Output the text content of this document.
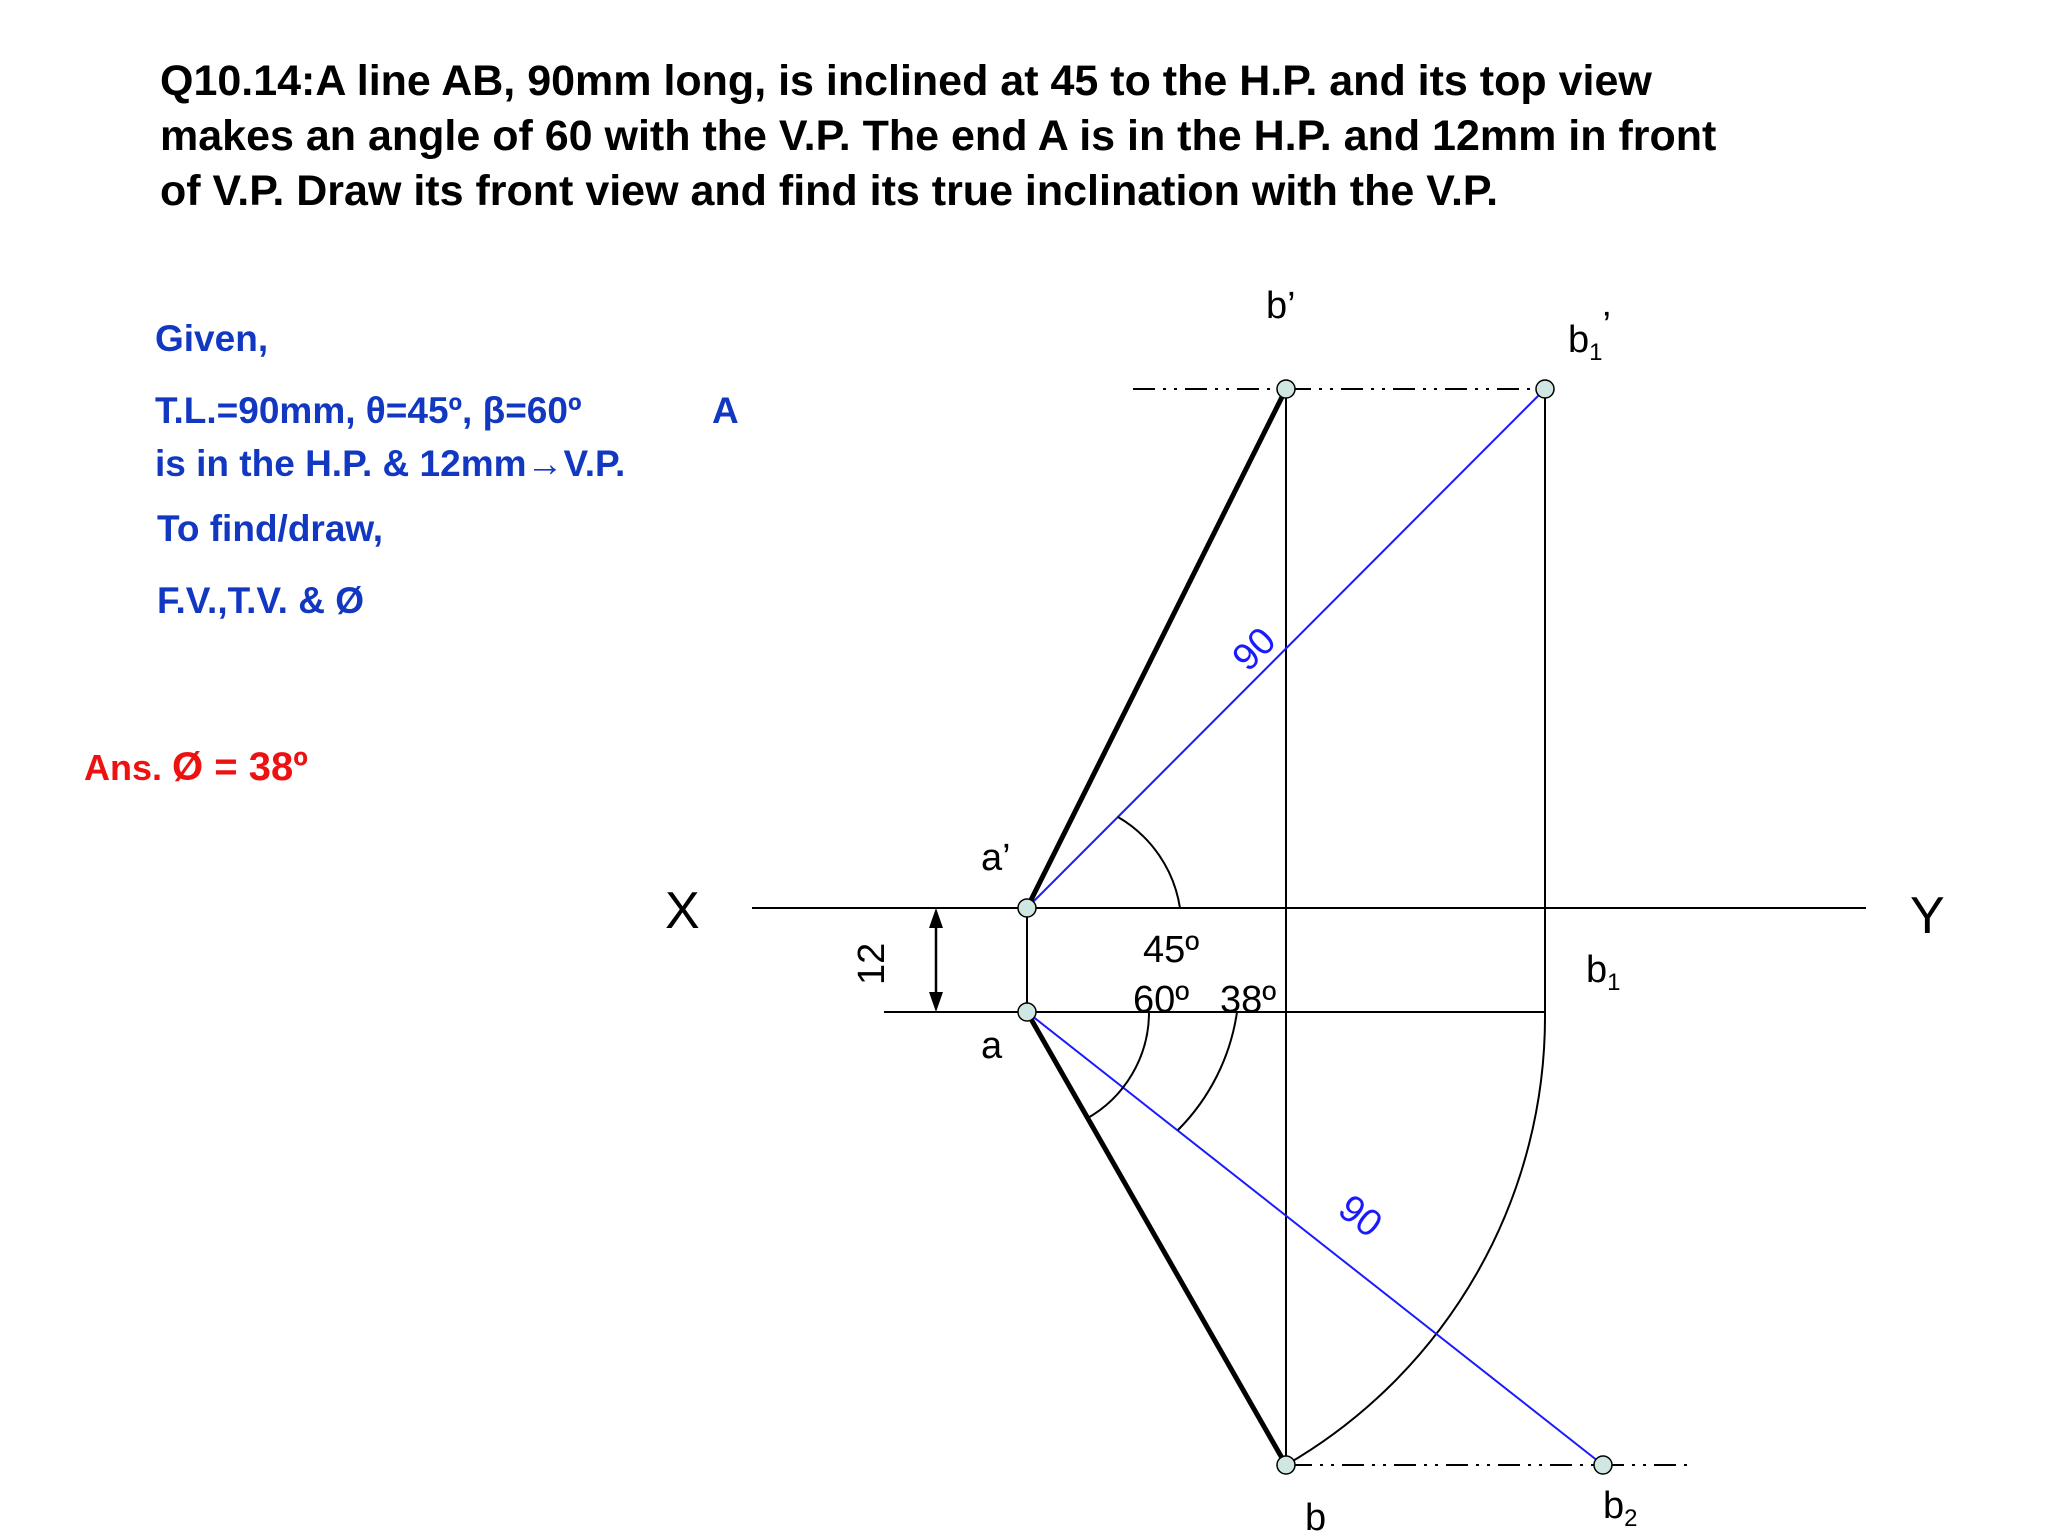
Q10.14:A line AB, 90mm long, is inclined at 45 to the H.P. and its top view
makes an angle of 60 with the V.P. The end A is in the H.P. and 12mm in front
of V.P. Draw its front view and find its true inclination with the V.P.
Given,
T.L.=90mm, θ=45º, β=60º	A
is in the H.P. & 12mm→V.P.
To find/draw,
F.V.,T.V. & Ø
Ans. Ø = 38º
X	Y
a’
a
b’
b
$b_1$’
$b_1$
$b_2$
45º
60º 38º
12
90
90
